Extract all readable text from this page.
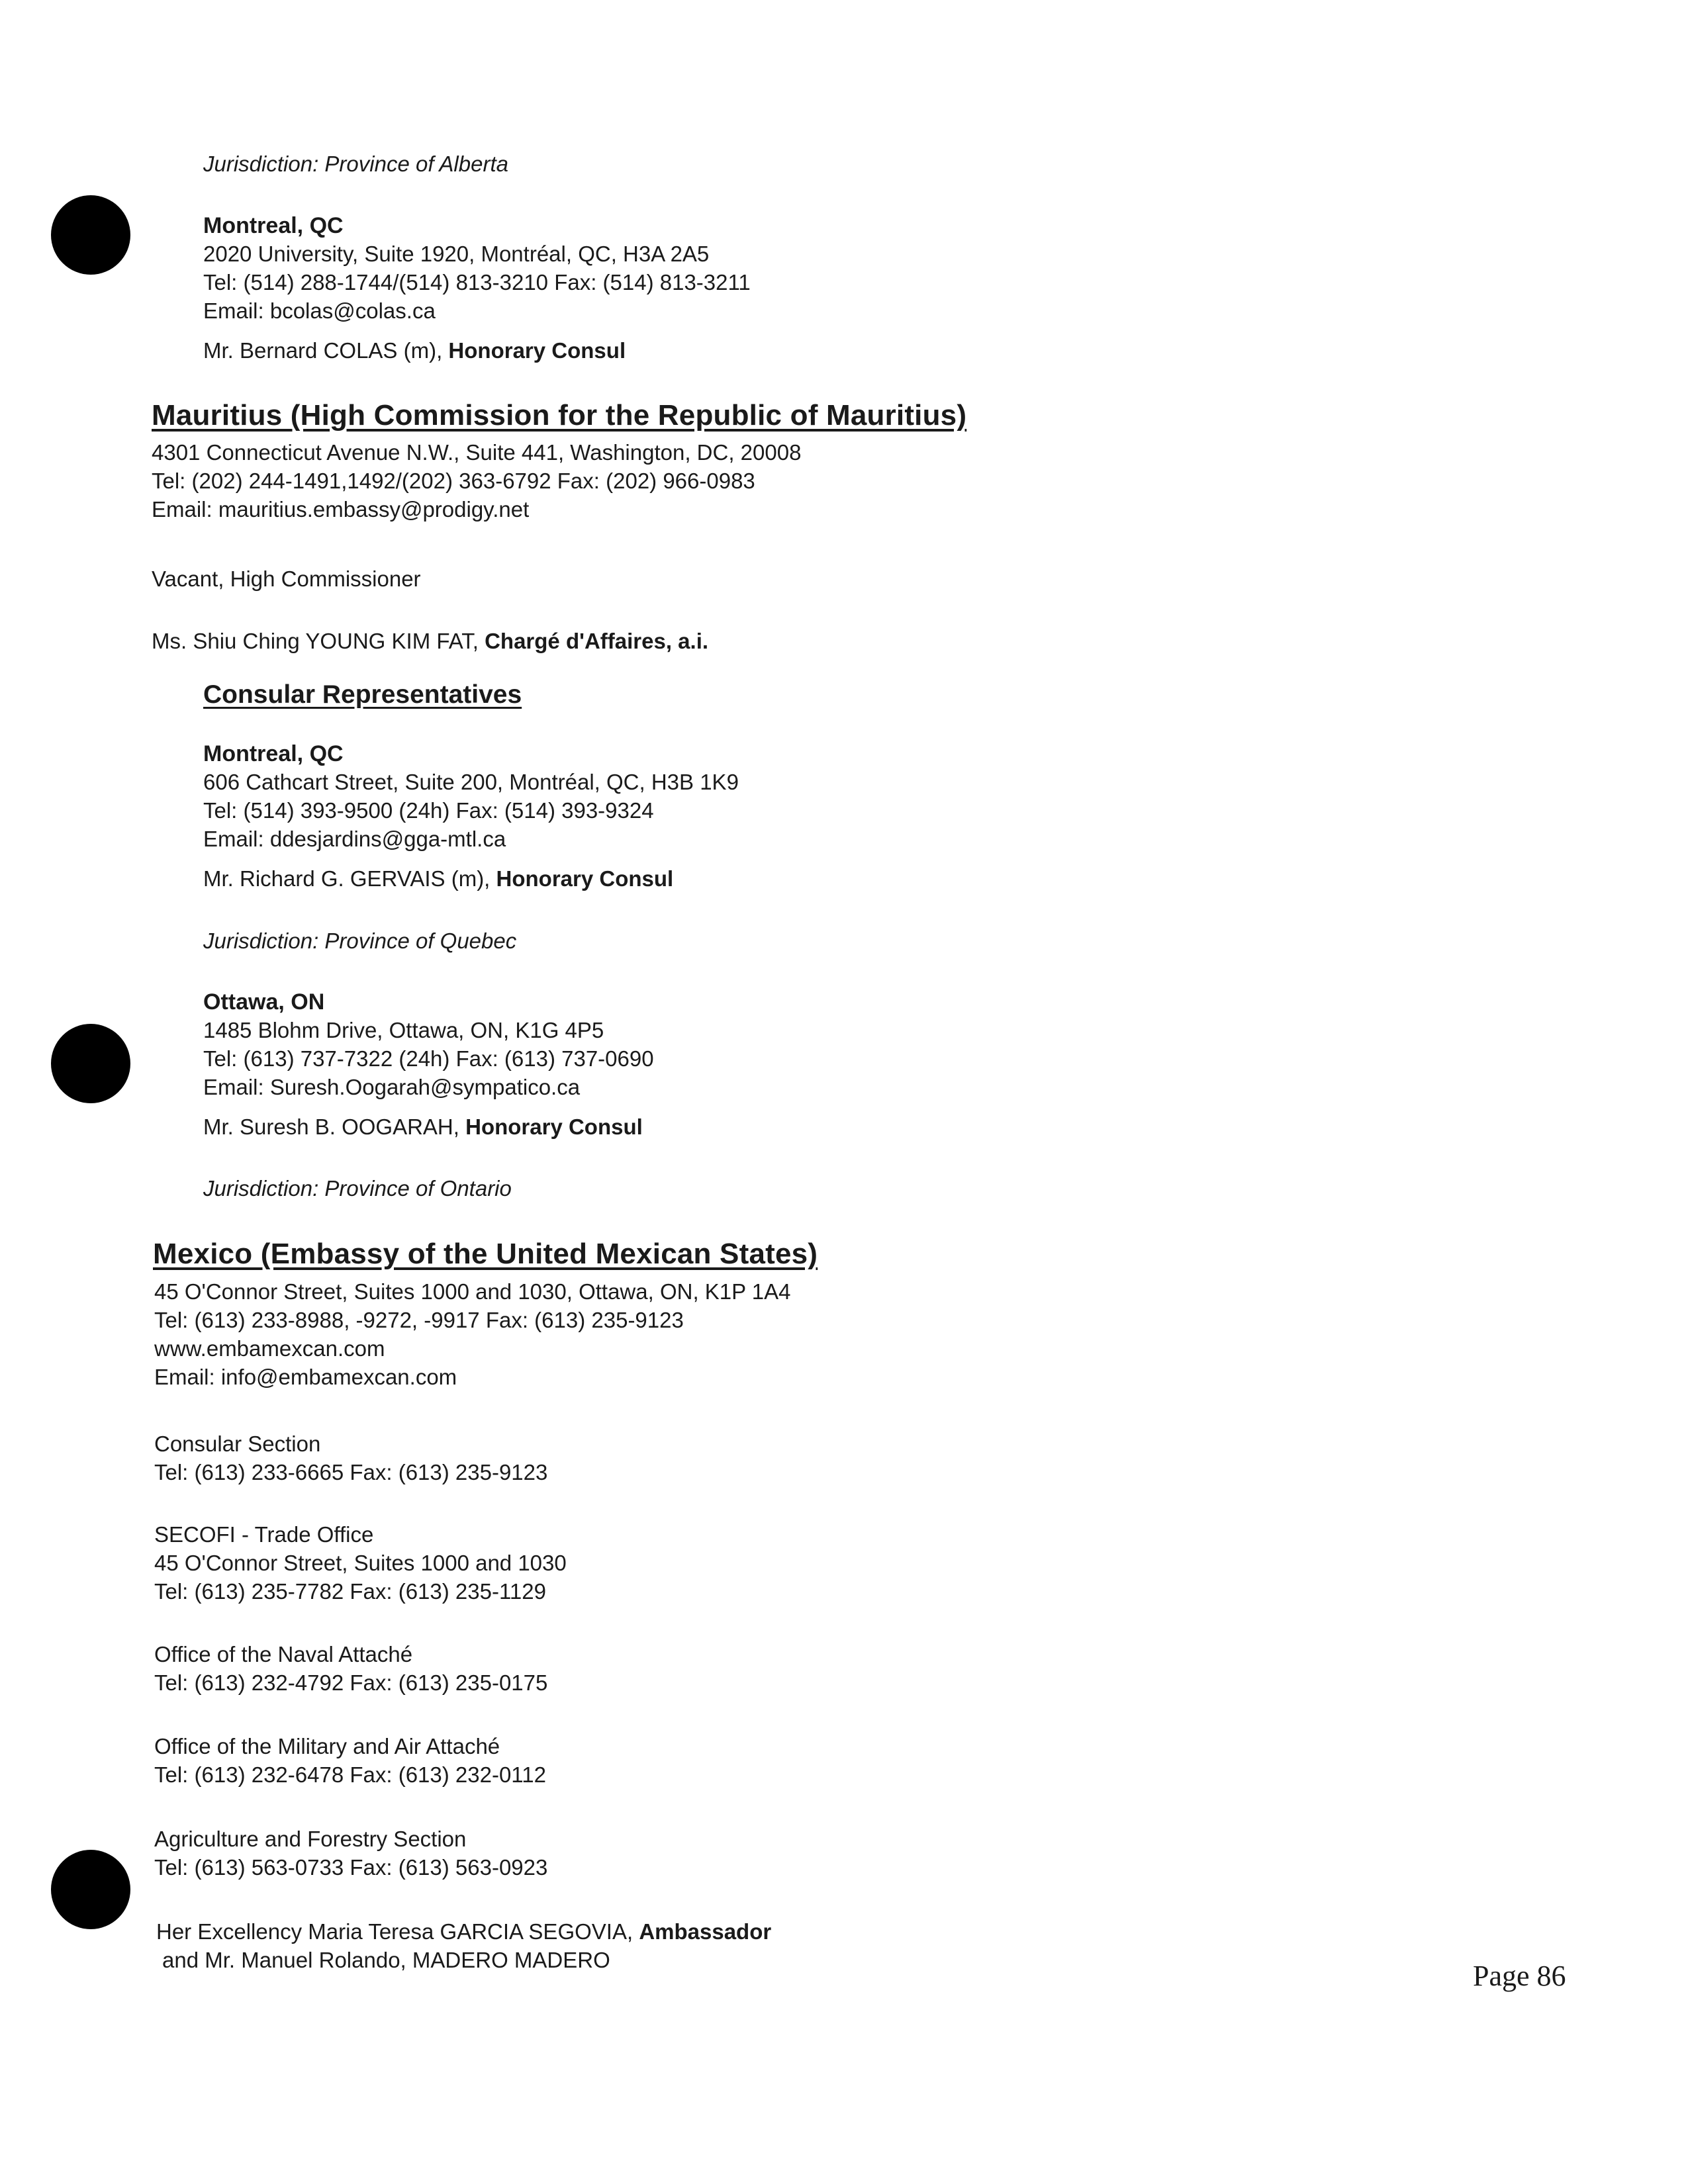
Jurisdiction: Province of Alberta
Montreal, QC
2020 University, Suite 1920, Montréal, QC, H3A 2A5
Tel: (514) 288-1744/(514) 813-3210 Fax: (514) 813-3211
Email: bcolas@colas.ca
Mr. Bernard COLAS (m), Honorary Consul
Mauritius (High Commission for the Republic of Mauritius)
4301 Connecticut Avenue N.W., Suite 441, Washington, DC, 20008
Tel: (202) 244-1491,1492/(202) 363-6792 Fax: (202) 966-0983
Email: mauritius.embassy@prodigy.net
Vacant, High Commissioner
Ms. Shiu Ching YOUNG KIM FAT, Chargé d'Affaires, a.i.
Consular Representatives
Montreal, QC
606 Cathcart Street, Suite 200, Montréal, QC, H3B 1K9
Tel: (514) 393-9500 (24h) Fax: (514) 393-9324
Email: ddesjardins@gga-mtl.ca
Mr. Richard G. GERVAIS (m), Honorary Consul
Jurisdiction: Province of Quebec
Ottawa, ON
1485 Blohm Drive, Ottawa, ON, K1G 4P5
Tel: (613) 737-7322 (24h) Fax: (613) 737-0690
Email: Suresh.Oogarah@sympatico.ca
Mr. Suresh B. OOGARAH, Honorary Consul
Jurisdiction: Province of Ontario
Mexico (Embassy of the United Mexican States)
45 O'Connor Street, Suites 1000 and 1030, Ottawa, ON, K1P 1A4
Tel: (613) 233-8988, -9272, -9917 Fax: (613) 235-9123
www.embamexcan.com
Email: info@embamexcan.com
Consular Section
Tel: (613) 233-6665 Fax: (613) 235-9123
SECOFI - Trade Office
45 O'Connor Street, Suites 1000 and 1030
Tel: (613) 235-7782 Fax: (613) 235-1129
Office of the Naval Attaché
Tel: (613) 232-4792 Fax: (613) 235-0175
Office of the Military and Air Attaché
Tel: (613) 232-6478 Fax: (613) 232-0112
Agriculture and Forestry Section
Tel: (613) 563-0733 Fax: (613) 563-0923
Her Excellency Maria Teresa GARCIA SEGOVIA, Ambassador
and Mr. Manuel Rolando, MADERO MADERO	Page 86
